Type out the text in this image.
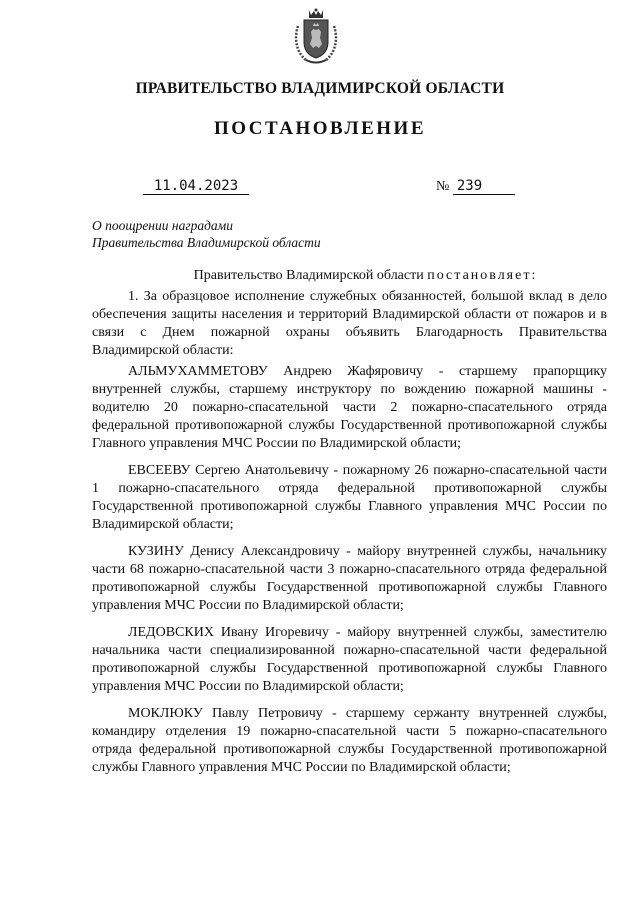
ПРАВИТЕЛЬСТВО ВЛАДИМИРСКОЙ ОБЛАСТИ
ПОСТАНОВЛЕНИЕ
11.04.2023	№ 239
О поощрении наградами
Правительства Владимирской области

Правительство Владимирской области постановляет:

1. За образцовое исполнение служебных обязанностей, большой вклад в дело обеспечения защиты населения и территорий Владимирской области от пожаров и в связи с Днем пожарной охраны объявить Благодарность Правительства Владимирской области:

АЛЬМУХАММЕТОВУ Андрею Жафяровичу - старшему прапорщику внутренней службы, старшему инструктору по вождению пожарной машины - водителю 20 пожарно-спасательной части 2 пожарно-спасательного отряда федеральной противопожарной службы Государственной противопожарной службы Главного управления МЧС России по Владимирской области;

ЕВСЕЕВУ Сергею Анатольевичу - пожарному 26 пожарно-спасательной части 1 пожарно-спасательного отряда федеральной противопожарной службы Государственной противопожарной службы Главного управления МЧС России по Владимирской области;

КУЗИНУ Денису Александровичу - майору внутренней службы, начальнику части 68 пожарно-спасательной части 3 пожарно-спасательного отряда федеральной противопожарной службы Государственной противопожарной службы Главного управления МЧС России по Владимирской области;

ЛЕДОВСКИХ Ивану Игоревичу - майору внутренней службы, заместителю начальника части специализированной пожарно-спасательной части федеральной противопожарной службы Государственной противопожарной службы Главного управления МЧС России по Владимирской области;

МОКЛЮКУ Павлу Петровичу - старшему сержанту внутренней службы, командиру отделения 19 пожарно-спасательной части 5 пожарно-спасательного отряда федеральной противопожарной службы Государственной противопожарной службы Главного управления МЧС России по Владимирской области;
